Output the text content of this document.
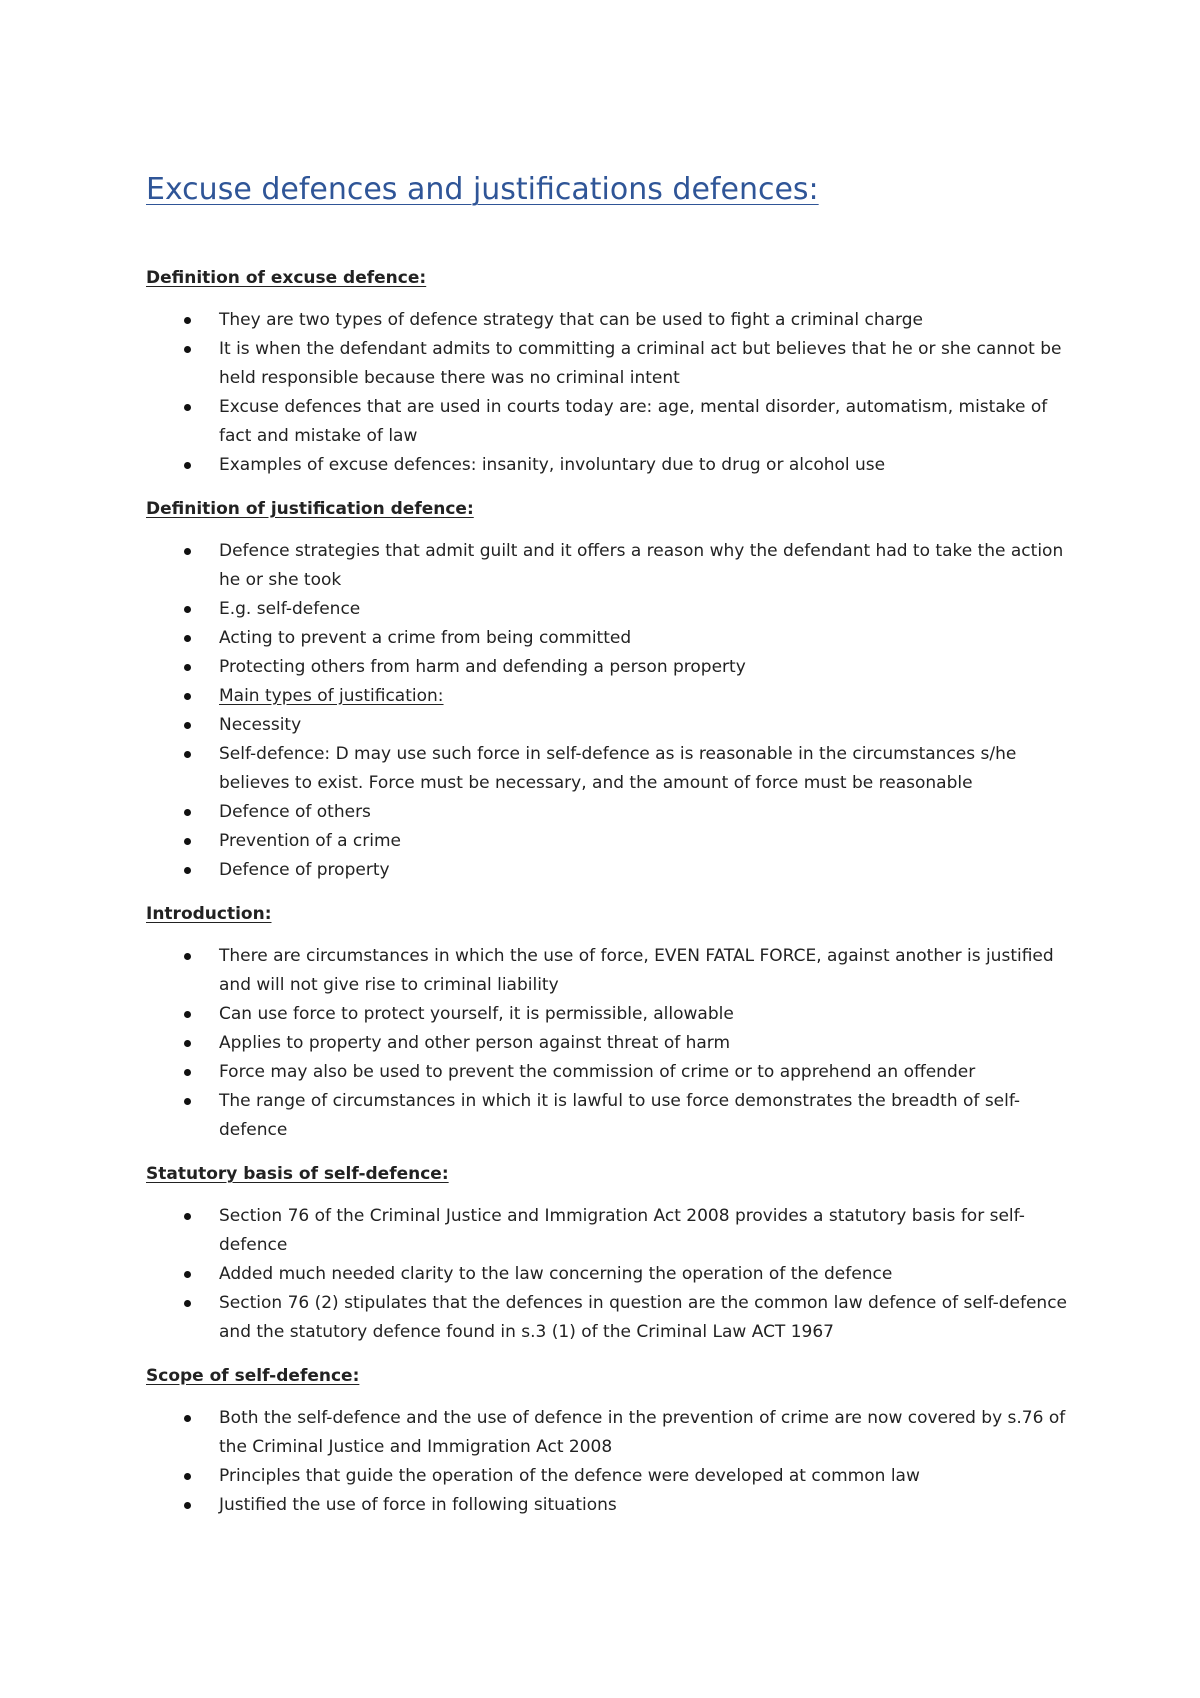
Excuse defences and justifications defences:
Definition of excuse defence:
They are two types of defence strategy that can be used to fight a criminal charge
It is when the defendant admits to committing a criminal act but believes that he or she cannot be held responsible because there was no criminal intent
Excuse defences that are used in courts today are: age, mental disorder, automatism, mistake of fact and mistake of law
Examples of excuse defences: insanity, involuntary due to drug or alcohol use
Definition of justification defence:
Defence strategies that admit guilt and it offers a reason why the defendant had to take the action he or she took
E.g. self-defence
Acting to prevent a crime from being committed
Protecting others from harm and defending a person property
Main types of justification:
Necessity
Self-defence: D may use such force in self-defence as is reasonable in the circumstances s/he believes to exist. Force must be necessary, and the amount of force must be reasonable
Defence of others
Prevention of a crime
Defence of property
Introduction:
There are circumstances in which the use of force, EVEN FATAL FORCE, against another is justified and will not give rise to criminal liability
Can use force to protect yourself, it is permissible, allowable
Applies to property and other person against threat of harm
Force may also be used to prevent the commission of crime or to apprehend an offender
The range of circumstances in which it is lawful to use force demonstrates the breadth of self-defence
Statutory basis of self-defence:
Section 76 of the Criminal Justice and Immigration Act 2008 provides a statutory basis for self-defence
Added much needed clarity to the law concerning the operation of the defence
Section 76 (2) stipulates that the defences in question are the common law defence of self-defence and the statutory defence found in s.3 (1) of the Criminal Law ACT 1967
Scope of self-defence:
Both the self-defence and the use of defence in the prevention of crime are now covered by s.76 of the Criminal Justice and Immigration Act 2008
Principles that guide the operation of the defence were developed at common law
Justified the use of force in following situations
